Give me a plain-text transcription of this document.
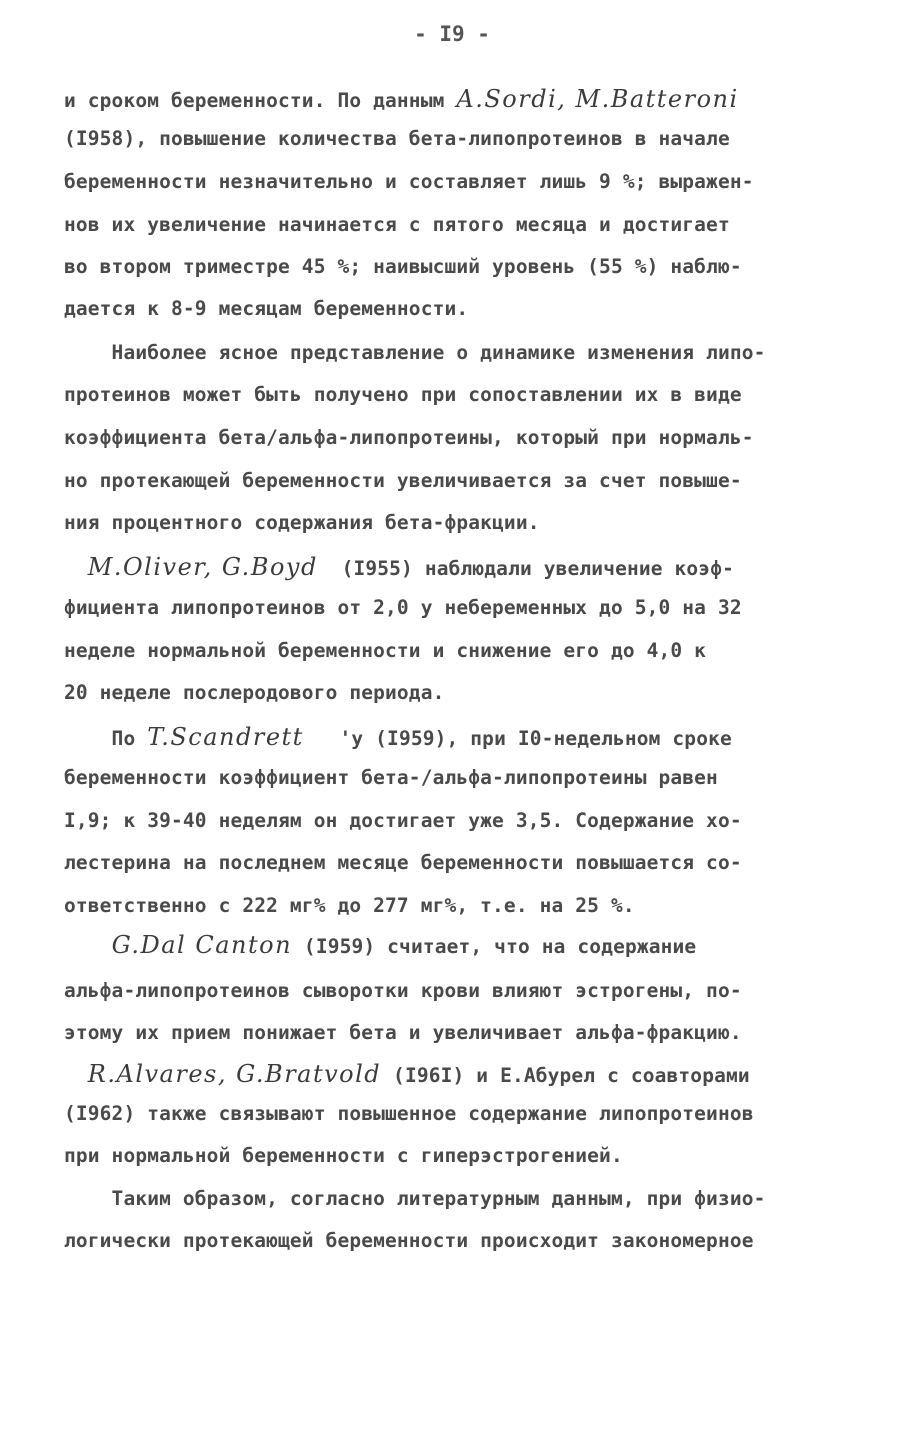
- I9 -
и сроком беременности. По данным A.Sordi, M.Batteroni
(I958), повышение количества бета-липопротеинов в начале
беременности незначительно и составляет лишь 9 %; выражен-
нов их увеличение начинается с пятого месяца и достигает
во втором триместре 45 %; наивысший уровень (55 %) наблю-
дается к 8-9 месяцам беременности.
Наиболее ясное представление о динамике изменения липо-
протеинов может быть получено при сопоставлении их в виде
коэффициента бета/альфа-липопротеины, который при нормаль-
но протекающей беременности увеличивается за счет повыше-
ния процентного содержания бета-фракции.
M.Oliver, G.Boyd  (I955) наблюдали увеличение коэф-
фициента липопротеинов от 2,0 у небеременных до 5,0 на 32
неделе нормальной беременности и снижение его до 4,0 к
20 неделе послеродового периода.
По T.Scandrett   'у (I959), при I0-недельном сроке
беременности коэффициент бета-/альфа-липопротеины равен
I,9; к 39-40 неделям он достигает уже 3,5. Содержание хо-
лестерина на последнем месяце беременности повышается со-
ответственно с 222 мг% до 277 мг%, т.е. на 25 %.
G.Dal Canton (I959) считает, что на содержание
альфа-липопротеинов сыворотки крови влияют эстрогены, по-
этому их прием понижает бета и увеличивает альфа-фракцию.
R.Alvares, G.Bratvold (I96I) и Е.Абурел с соавторами
(I962) также связывают повышенное содержание липопротеинов
при нормальной беременности с гиперэстрогенией.
Таким образом, согласно литературным данным, при физио-
логически протекающей беременности происходит закономерное
